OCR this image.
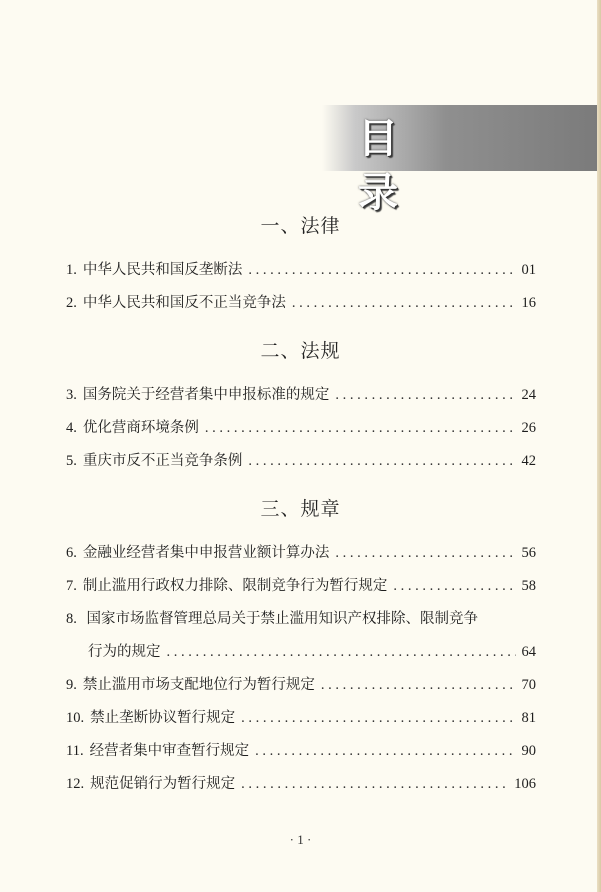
目 录
一、法律
1. 中华人民共和国反垄断法 . . .	01
2. 中华人民共和国反不正当竞争法 . . .	16
二、法规
3. 国务院关于经营者集中申报标准的规定 . . .	24
4. 优化营商环境条例 . . .	26
5. 重庆市反不正当竞争条例 . . .	42
三、规章
6. 金融业经营者集中申报营业额计算办法 . . .	56
7. 制止滥用行政权力排除、限制竞争行为暂行规定 . . .	58
8. 国家市场监督管理总局关于禁止滥用知识产权排除、限制竞争
行为的规定 . . .	64
9. 禁止滥用市场支配地位行为暂行规定 . . .	70
10. 禁止垄断协议暂行规定 . . .	81
11. 经营者集中审查暂行规定 . . .	90
12. 规范促销行为暂行规定 . . .	106
· 1 ·
